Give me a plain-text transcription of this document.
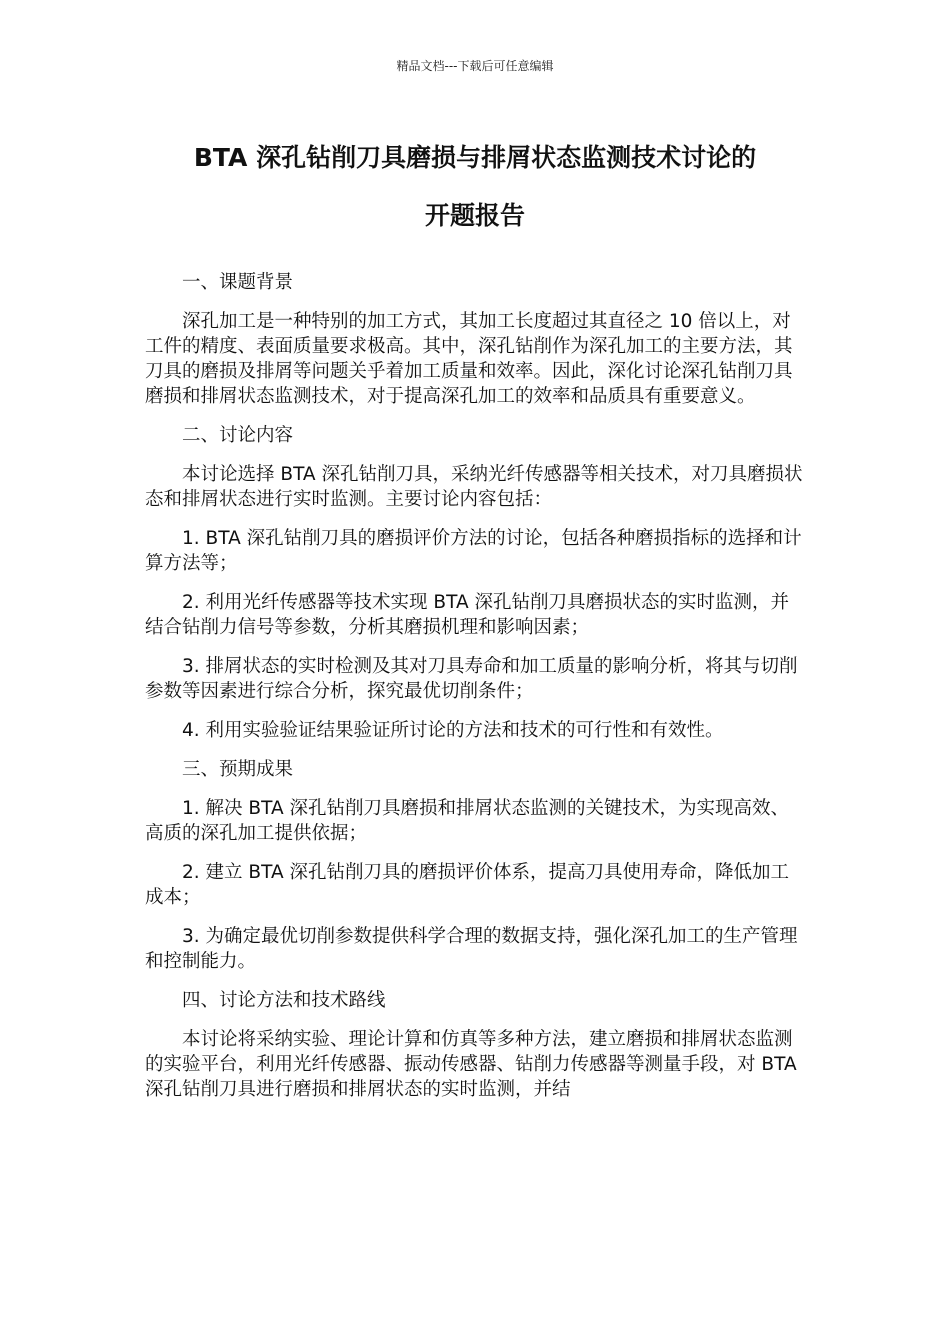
精品文档---下载后可任意编辑
BTA 深孔钻削刀具磨损与排屑状态监测技术讨论的
开题报告

一、课题背景

深孔加工是一种特别的加工方式，其加工长度超过其直径之 10 倍以上，对工件的精度、表面质量要求极高。其中，深孔钻削作为深孔加工的主要方法，其刀具的磨损及排屑等问题关乎着加工质量和效率。因此，深化讨论深孔钻削刀具磨损和排屑状态监测技术，对于提高深孔加工的效率和品质具有重要意义。

二、讨论内容

本讨论选择 BTA 深孔钻削刀具，采纳光纤传感器等相关技术，对刀具磨损状态和排屑状态进行实时监测。主要讨论内容包括：

1. BTA 深孔钻削刀具的磨损评价方法的讨论，包括各种磨损指标的选择和计算方法等；

2. 利用光纤传感器等技术实现 BTA 深孔钻削刀具磨损状态的实时监测，并结合钻削力信号等参数，分析其磨损机理和影响因素；

3. 排屑状态的实时检测及其对刀具寿命和加工质量的影响分析，将其与切削参数等因素进行综合分析，探究最优切削条件；

4. 利用实验验证结果验证所讨论的方法和技术的可行性和有效性。

三、预期成果

1. 解决 BTA 深孔钻削刀具磨损和排屑状态监测的关键技术，为实现高效、高质的深孔加工提供依据；

2. 建立 BTA 深孔钻削刀具的磨损评价体系，提高刀具使用寿命，降低加工成本；

3. 为确定最优切削参数提供科学合理的数据支持，强化深孔加工的生产管理和控制能力。

四、讨论方法和技术路线

本讨论将采纳实验、理论计算和仿真等多种方法，建立磨损和排屑状态监测的实验平台，利用光纤传感器、振动传感器、钻削力传感器等测量手段，对 BTA 深孔钻削刀具进行磨损和排屑状态的实时监测，并结
